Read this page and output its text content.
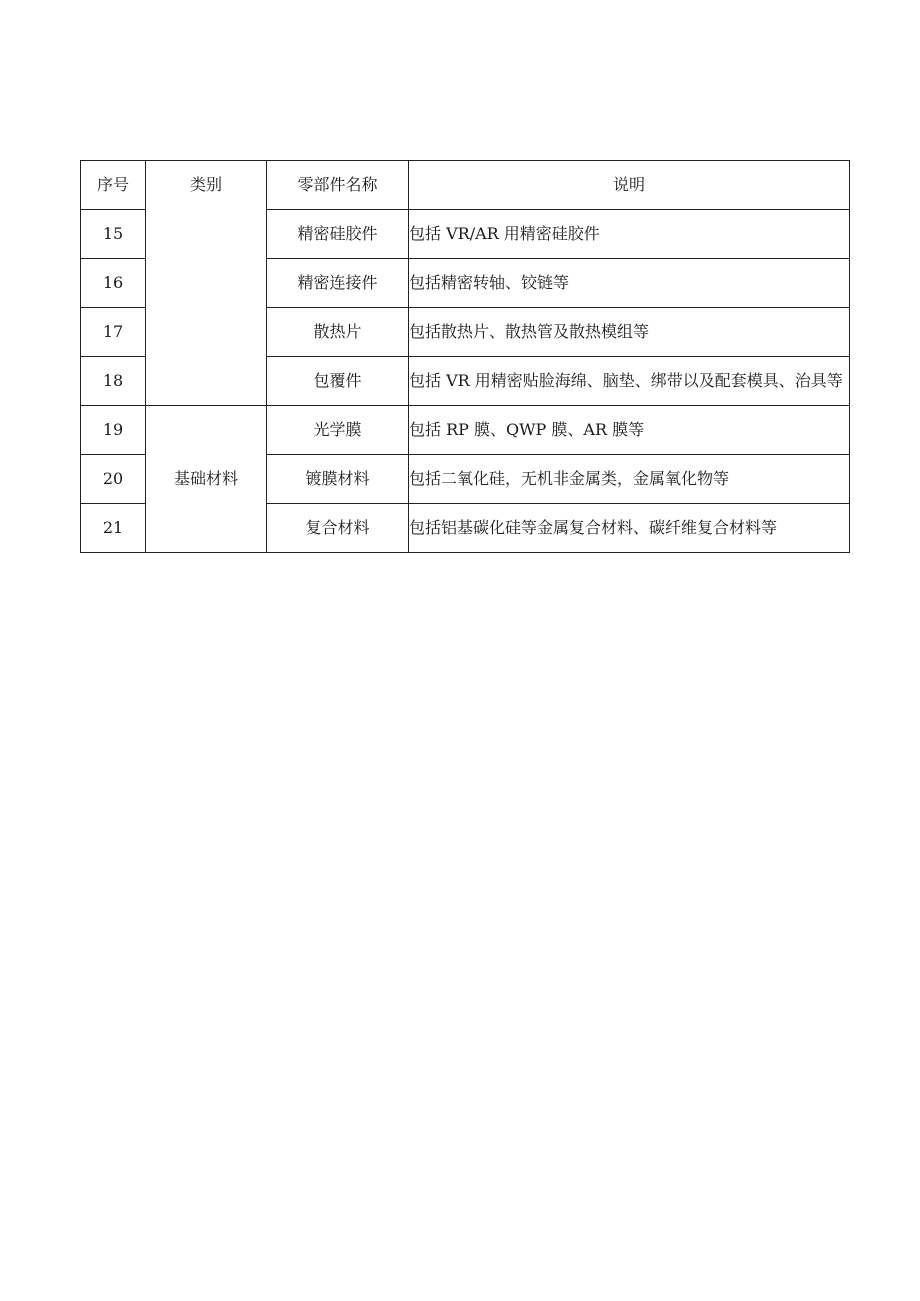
序号	类别	零部件名称	说明
15		精密硅胶件	包括 VR/AR 用精密硅胶件
16		精密连接件	包括精密转轴、铰链等
17		散热片	包括散热片、散热管及散热模组等
18		包覆件	包括 VR 用精密贴脸海绵、脑垫、绑带以及配套模具、治具等
19	基础材料	光学膜	包括 RP 膜、QWP 膜、AR 膜等
20		镀膜材料	包括二氧化硅，无机非金属类，金属氧化物等
21		复合材料	包括铝基碳化硅等金属复合材料、碳纤维复合材料等
